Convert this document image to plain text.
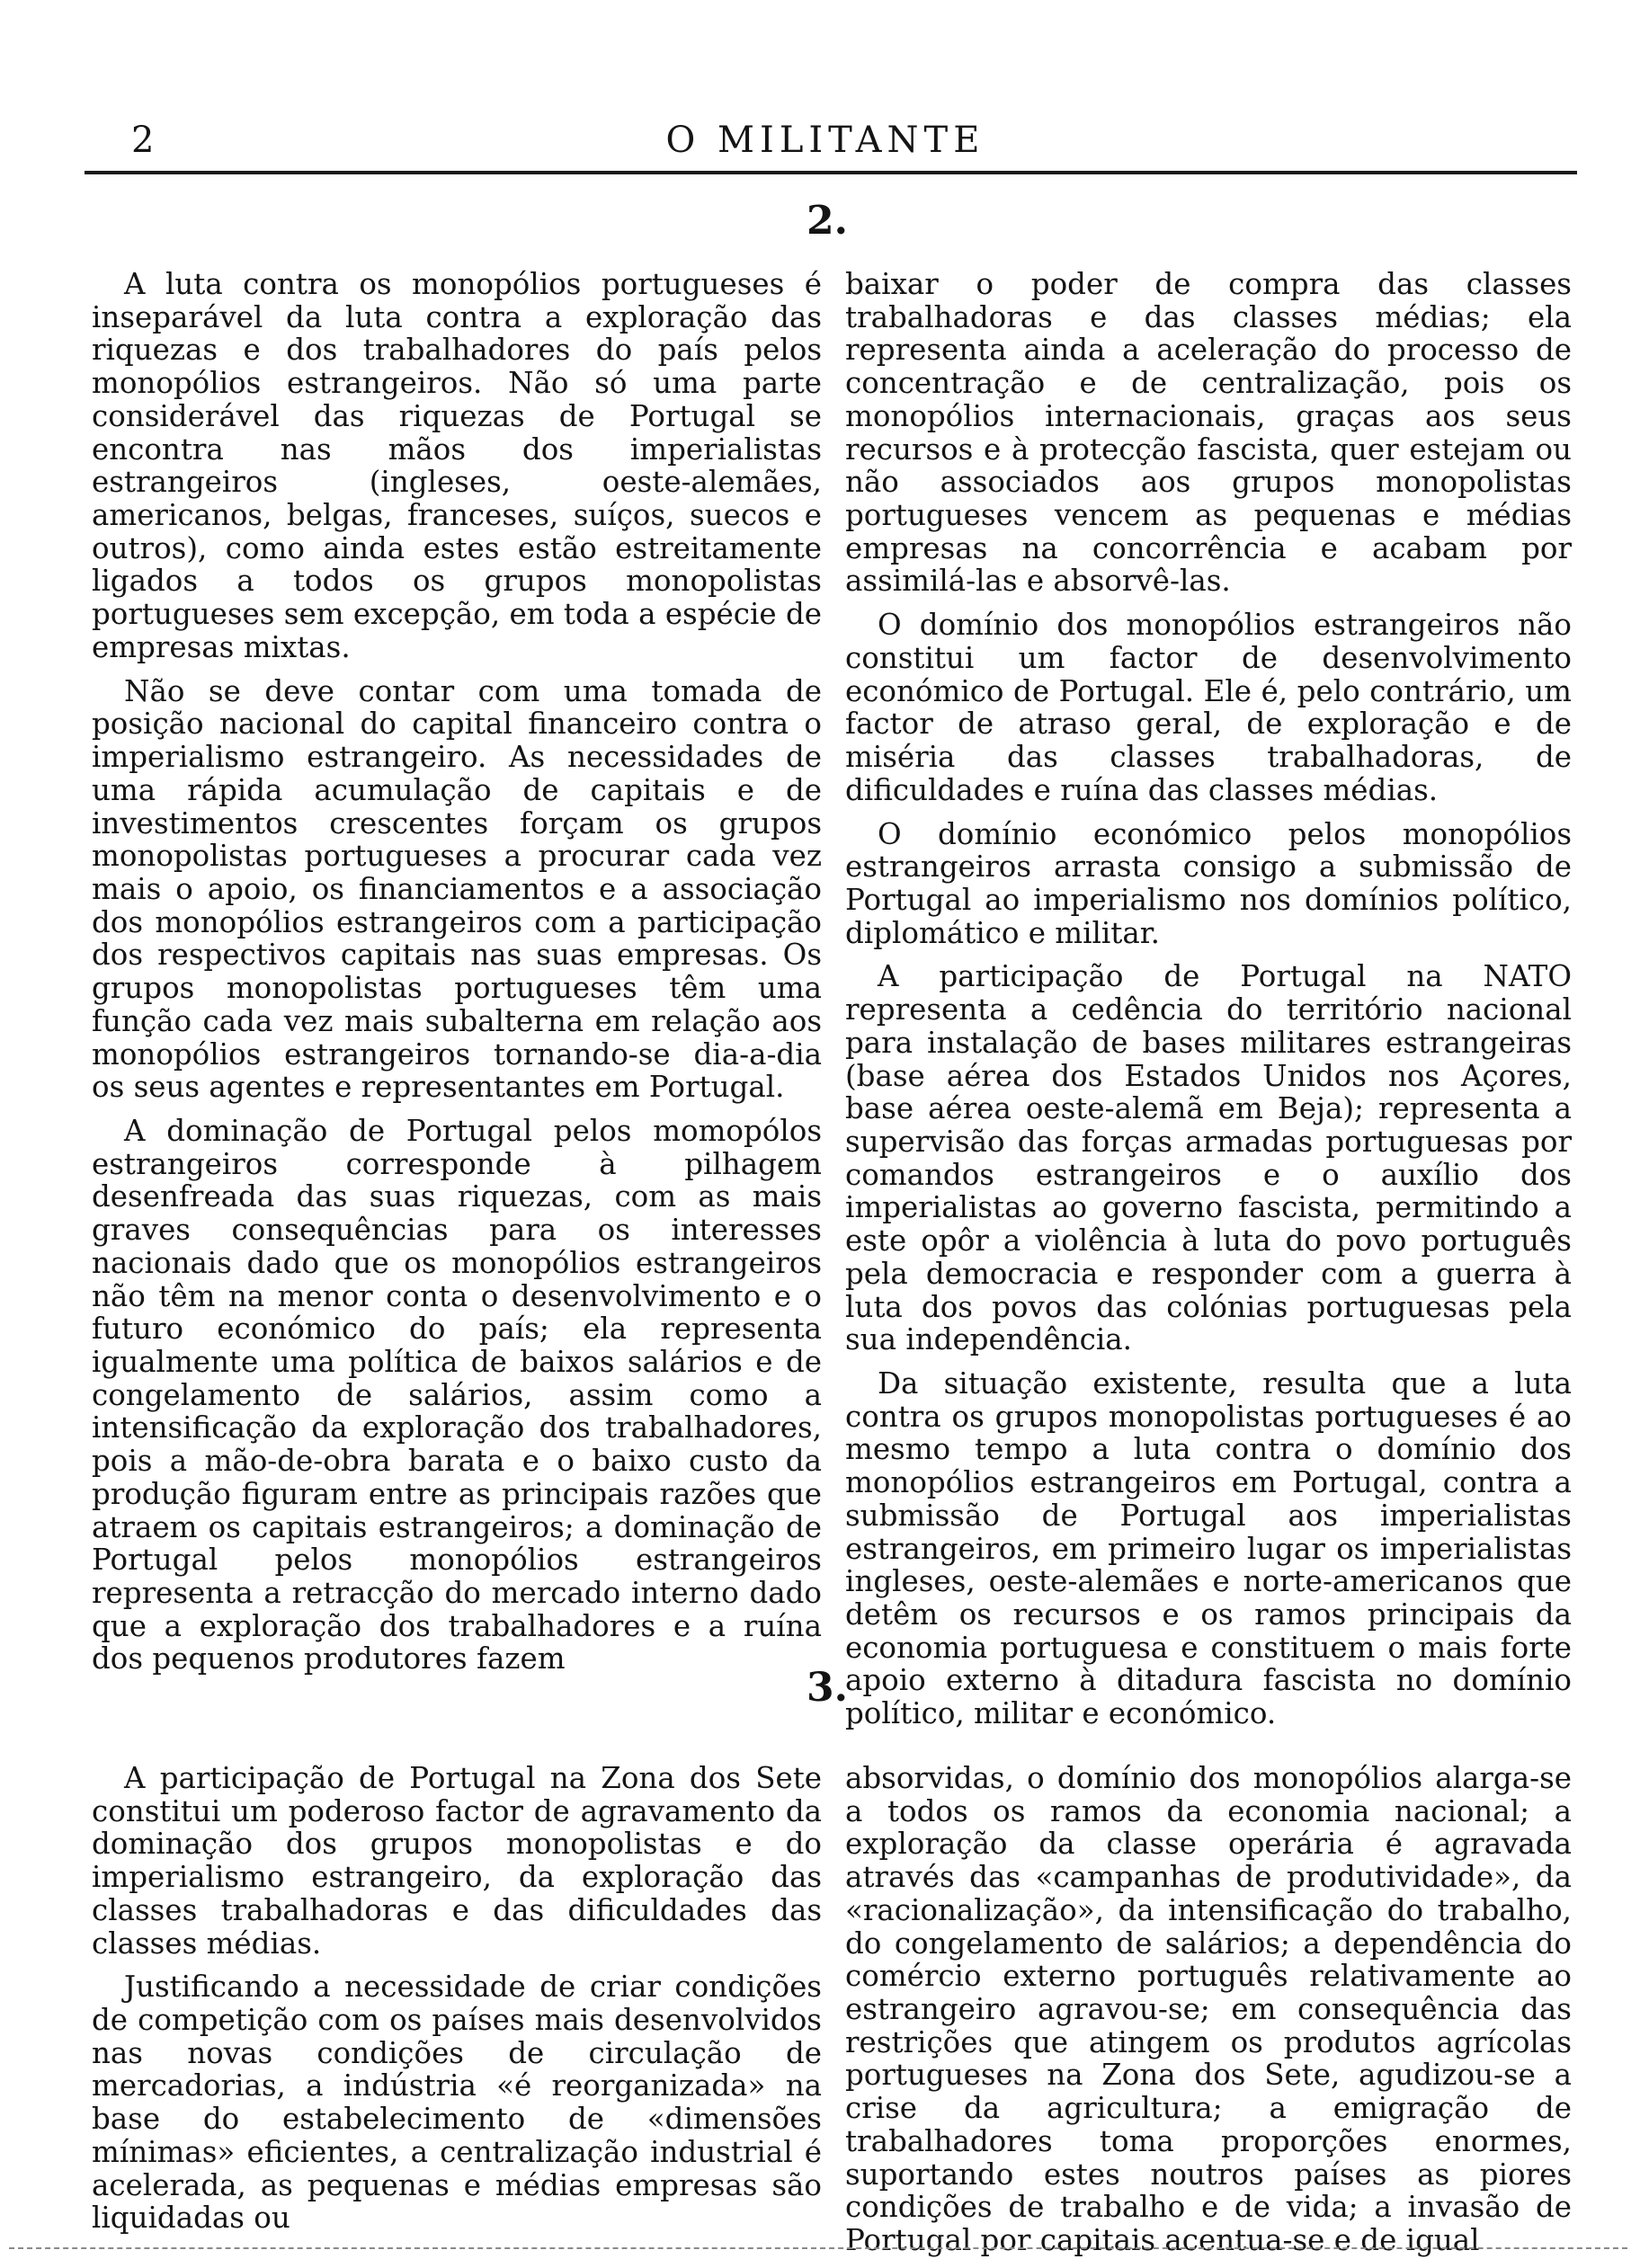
2	O MILITANTE
2.

A luta contra os monopólios portugueses é inseparável da luta contra a exploração das riquezas e dos trabalhadores do país pelos monopólios estrangeiros. Não só uma parte considerável das riquezas de Portugal se encontra nas mãos dos imperialistas estrangeiros (ingleses, oeste-alemães, americanos, belgas, franceses, suíços, suecos e outros), como ainda estes estão estreitamente ligados a todos os grupos monopolistas portugueses sem excepção, em toda a espécie de empresas mixtas.

Não se deve contar com uma tomada de posição nacional do capital financeiro contra o imperialismo estrangeiro. As necessidades de uma rápida acumulação de capitais e de investimentos crescentes forçam os grupos monopolistas portugueses a procurar cada vez mais o apoio, os financiamentos e a associação dos monopólios estrangeiros com a participação dos respectivos capitais nas suas empresas. Os grupos monopolistas portugueses têm uma função cada vez mais subalterna em relação aos monopólios estrangeiros tornando-se dia-a-dia os seus agentes e representantes em Portugal.

A dominação de Portugal pelos momopólos estrangeiros corresponde à pilhagem desenfreada das suas riquezas, com as mais graves consequências para os interesses nacionais dado que os monopólios estrangeiros não têm na menor conta o desenvolvimento e o futuro económico do país; ela representa igualmente uma política de baixos salários e de congelamento de salários, assim como a intensificação da exploração dos trabalhadores, pois a mão-de-obra barata e o baixo custo da produção figuram entre as principais razões que atraem os capitais estrangeiros; a dominação de Portugal pelos monopólios estrangeiros representa a retracção do mercado interno dado que a exploração dos trabalhadores e a ruína dos pequenos produtores fazem

baixar o poder de compra das classes trabalhadoras e das classes médias; ela representa ainda a aceleração do processo de concentração e de centralização, pois os monopólios internacionais, graças aos seus recursos e à protecção fascista, quer estejam ou não associados aos grupos monopolistas portugueses vencem as pequenas e médias empresas na concorrência e acabam por assimilá-las e absorvê-las.

O domínio dos monopólios estrangeiros não constitui um factor de desenvolvimento económico de Portugal. Ele é, pelo contrário, um factor de atraso geral, de exploração e de miséria das classes trabalhadoras, de dificuldades e ruína das classes médias.

O domínio económico pelos monopólios estrangeiros arrasta consigo a submissão de Portugal ao imperialismo nos domínios político, diplomático e militar.

A participação de Portugal na NATO representa a cedência do território nacional para instalação de bases militares estrangeiras (base aérea dos Estados Unidos nos Açores, base aérea oeste-alemã em Beja); representa a supervisão das forças armadas portuguesas por comandos estrangeiros e o auxílio dos imperialistas ao governo fascista, permitindo a este opôr a violência à luta do povo português pela democracia e responder com a guerra à luta dos povos das colónias portuguesas pela sua independência.

Da situação existente, resulta que a luta contra os grupos monopolistas portugueses é ao mesmo tempo a luta contra o domínio dos monopólios estrangeiros em Portugal, contra a submissão de Portugal aos imperialistas estrangeiros, em primeiro lugar os imperialistas ingleses, oeste-alemães e norte-americanos que detêm os recursos e os ramos principais da economia portuguesa e constituem o mais forte apoio externo à ditadura fascista no domínio político, militar e económico.

3.

A participação de Portugal na Zona dos Sete constitui um poderoso factor de agravamento da dominação dos grupos monopolistas e do imperialismo estrangeiro, da exploração das classes trabalhadoras e das dificuldades das classes médias.

Justificando a necessidade de criar condições de competição com os países mais desenvolvidos nas novas condições de circulação de mercadorias, a indústria «é reorganizada» na base do estabelecimento de «dimensões mínimas» eficientes, a centralização industrial é acelerada, as pequenas e médias empresas são liquidadas ou

absorvidas, o domínio dos monopólios alarga-se a todos os ramos da economia nacional; a exploração da classe operária é agravada através das «campanhas de produtividade», da «racionalização», da intensificação do trabalho, do congelamento de salários; a dependência do comércio externo português relativamente ao estrangeiro agravou-se; em consequência das restrições que atingem os produtos agrícolas portugueses na Zona dos Sete, agudizou-se a crise da agricultura; a emigração de trabalhadores toma proporções enormes, suportando estes noutros países as piores condições de trabalho e de vida; a invasão de Portugal por capitais acentua-se e de igual
